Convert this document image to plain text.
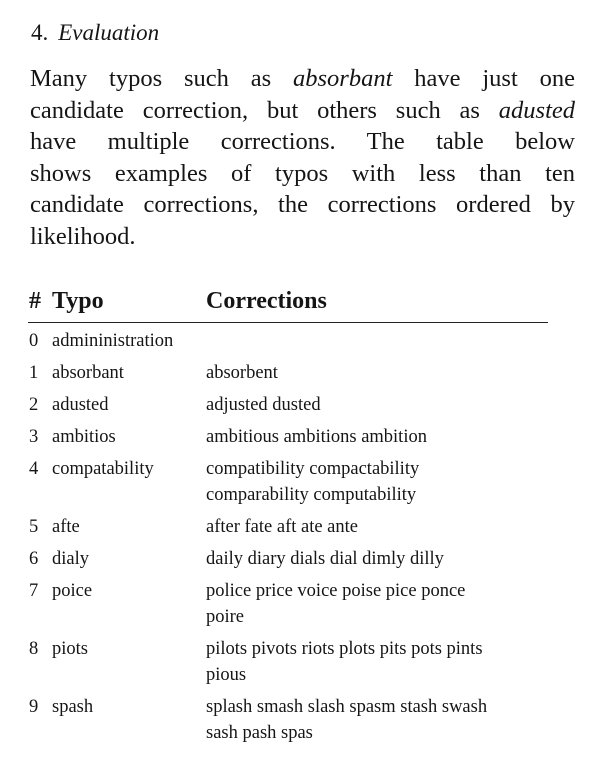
4. Evaluation
Many typos such as absorbant have just one
candidate correction, but others such as adusted
have multiple corrections. The table below
shows examples of typos with less than ten
candidate corrections, the corrections ordered by
likelihood.
# Typo	Corrections
0 admininistration
1 absorbant	absorbent
2 adusted	adjusted dusted
3 ambitios	ambitious ambitions ambition
4 compatability	compatibility compactability
comparability computability
5 afte	after fate aft ate ante
6 dialy	daily diary dials dial dimly dilly
7 poice	police price voice poise pice ponce
poire
8 piots	pilots pivots riots plots pits pots pints
pious
9 spash	splash smash slash spasm stash swash
sash pash spas
